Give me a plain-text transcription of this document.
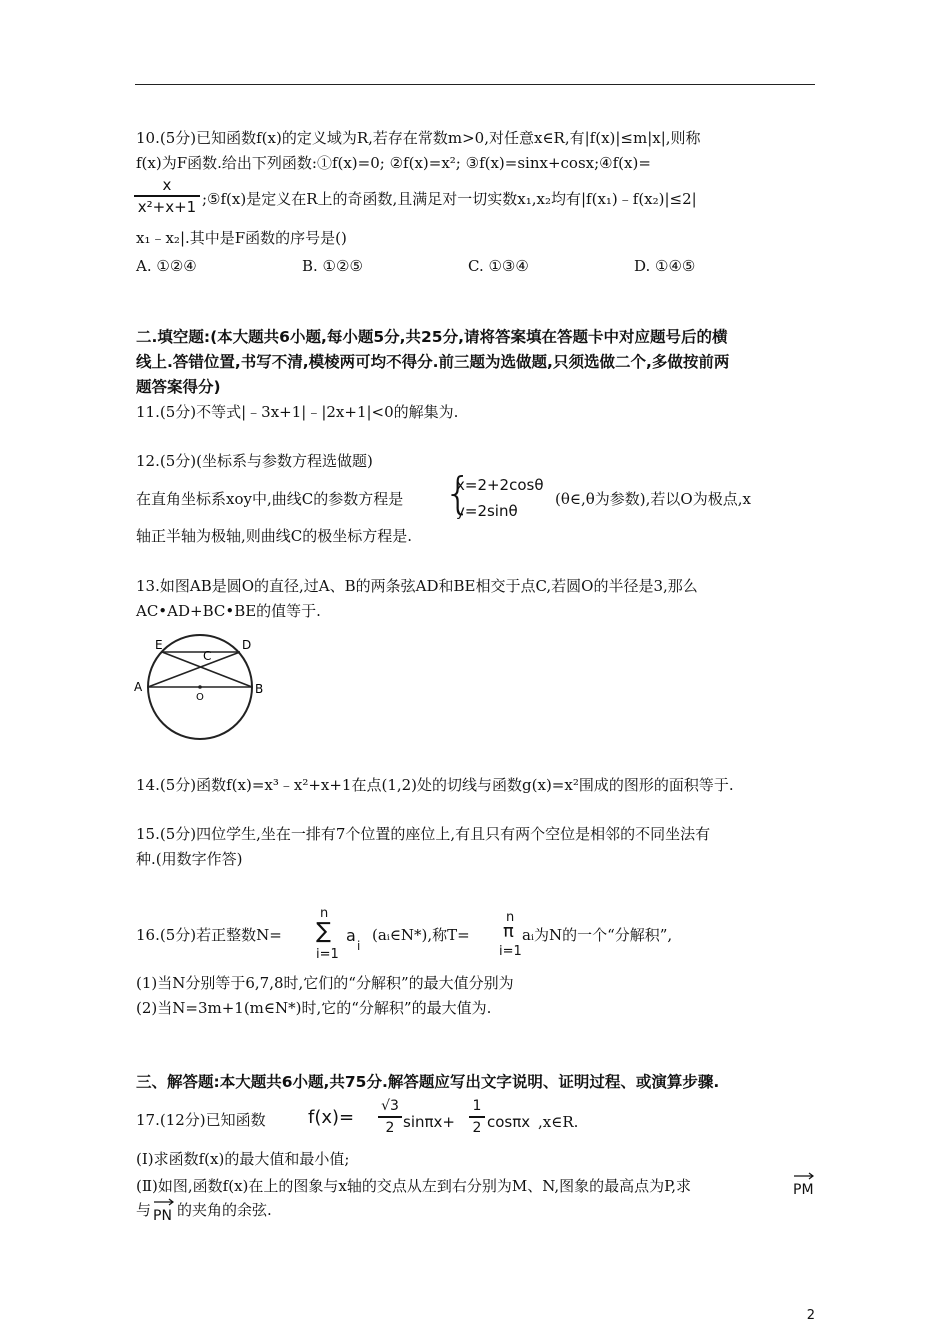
10.(5分)已知函数f(x)的定义域为R,若存在常数m>0,对任意x∈R,有|f(x)|≤m|x|,则称
f(x)为F函数.给出下列函数:①f(x)=0; ②f(x)=x²; ③f(x)=sinx+cosx;④f(x)=
x
x²+x+1 ;⑤f(x)是定义在R上的奇函数,且满足对一切实数x₁,x₂均有|f(x₁)﹣f(x₂)|≤2|
x₁﹣x₂|.其中是F函数的序号是()
A. ①②④	B. ①②⑤	C. ①③④	D. ①④⑤
二.填空题:(本大题共6小题,每小题5分,共25分,请将答案填在答题卡中对应题号后的横
线上.答错位置,书写不清,模棱两可均不得分.前三题为选做题,只须选做二个,多做按前两
题答案得分)
11.(5分)不等式|﹣3x+1|﹣|2x+1|<0的解集为.
12.(5分)(坐标系与参数方程选做题)
在直角坐标系xoy中,曲线C的参数方程是 {
x=2+2cosθ
y=2sinθ
(θ∈,θ为参数),若以O为极点,x
轴正半轴为极轴,则曲线C的极坐标方程是.
13.如图AB是圆O的直径,过A、B的两条弦AD和BE相交于点C,若圆O的半径是3,那么
AC•AD+BC•BE的值等于.
E	D
C
A	B
O
14.(5分)函数f(x)=x³﹣x²+x+1在点(1,2)处的切线与函数g(x)=x²围成的图形的面积等于.
15.(5分)四位学生,坐在一排有7个位置的座位上,有且只有两个空位是相邻的不同坐法有
种.(用数字作答)
16.(5分)若正整数N=
n
∑
i=1
a
i
(aᵢ∈N*),称T=
n
π
i=1
aᵢ为N的一个“分解积”,
(1)当N分别等于6,7,8时,它们的“分解积”的最大值分别为
(2)当N=3m+1(m∈N*)时,它的“分解积”的最大值为.
三、解答题:本大题共6小题,共75分.解答题应写出文字说明、证明过程、或演算步骤.
17.(12分)已知函数 f(x)=
√3
2 sinπx+
1
2 cosπx ,x∈R.
(Ⅰ)求函数f(x)的最大值和最小值;
(Ⅱ)如图,函数f(x)在上的图象与x轴的交点从左到右分别为M、N,图象的最高点为P,求	PM
与 PN 的夹角的余弦.
2
